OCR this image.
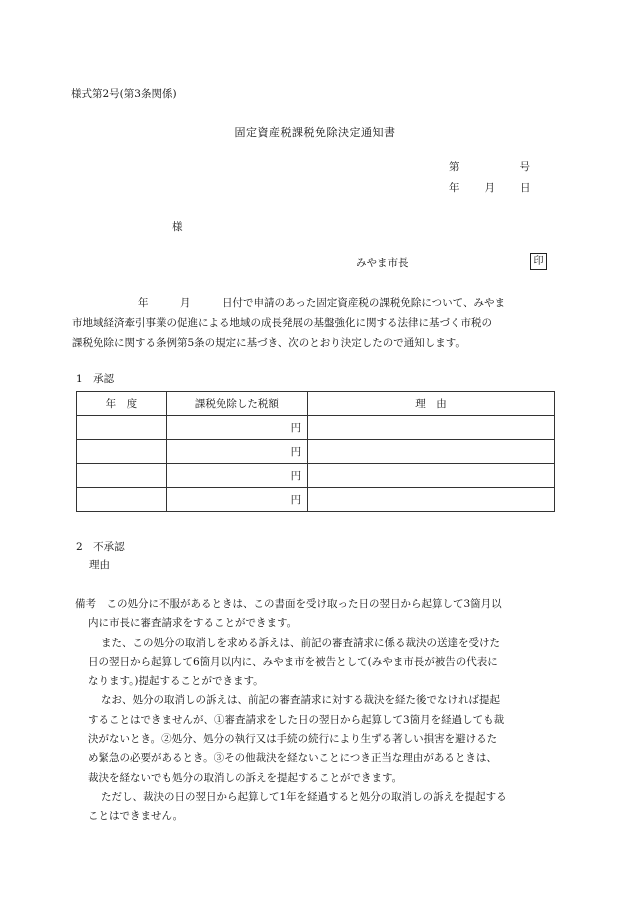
様式第2号(第3条関係)
固定資産税課税免除決定通知書
第	号
年 月 日
様
みやま市長	印
年　　　月　　　日付で申請のあった固定資産税の課税免除について、みやま
市地域経済牽引事業の促進による地域の成長発展の基盤強化に関する法律に基づく市税の
課税免除に関する条例第5条の規定に基づき、次のとおり決定したので通知します。
1　承認
年　度	課税免除した税額	理　由
	円	
	円	
	円	
	円	
2　不承認
理由
備考　この処分に不服があるときは、この書面を受け取った日の翌日から起算して3箇月以
内に市長に審査請求をすることができます。
また、この処分の取消しを求める訴えは、前記の審査請求に係る裁決の送達を受けた
日の翌日から起算して6箇月以内に、みやま市を被告として(みやま市長が被告の代表に
なります。)提起することができます。
なお、処分の取消しの訴えは、前記の審査請求に対する裁決を経た後でなければ提起
することはできませんが、①審査請求をした日の翌日から起算して3箇月を経過しても裁
決がないとき。②処分、処分の執行又は手続の続行により生ずる著しい損害を避けるた
め緊急の必要があるとき。③その他裁決を経ないことにつき正当な理由があるときは、
裁決を経ないでも処分の取消しの訴えを提起することができます。
ただし、裁決の日の翌日から起算して1年を経過すると処分の取消しの訴えを提起する
ことはできません。
